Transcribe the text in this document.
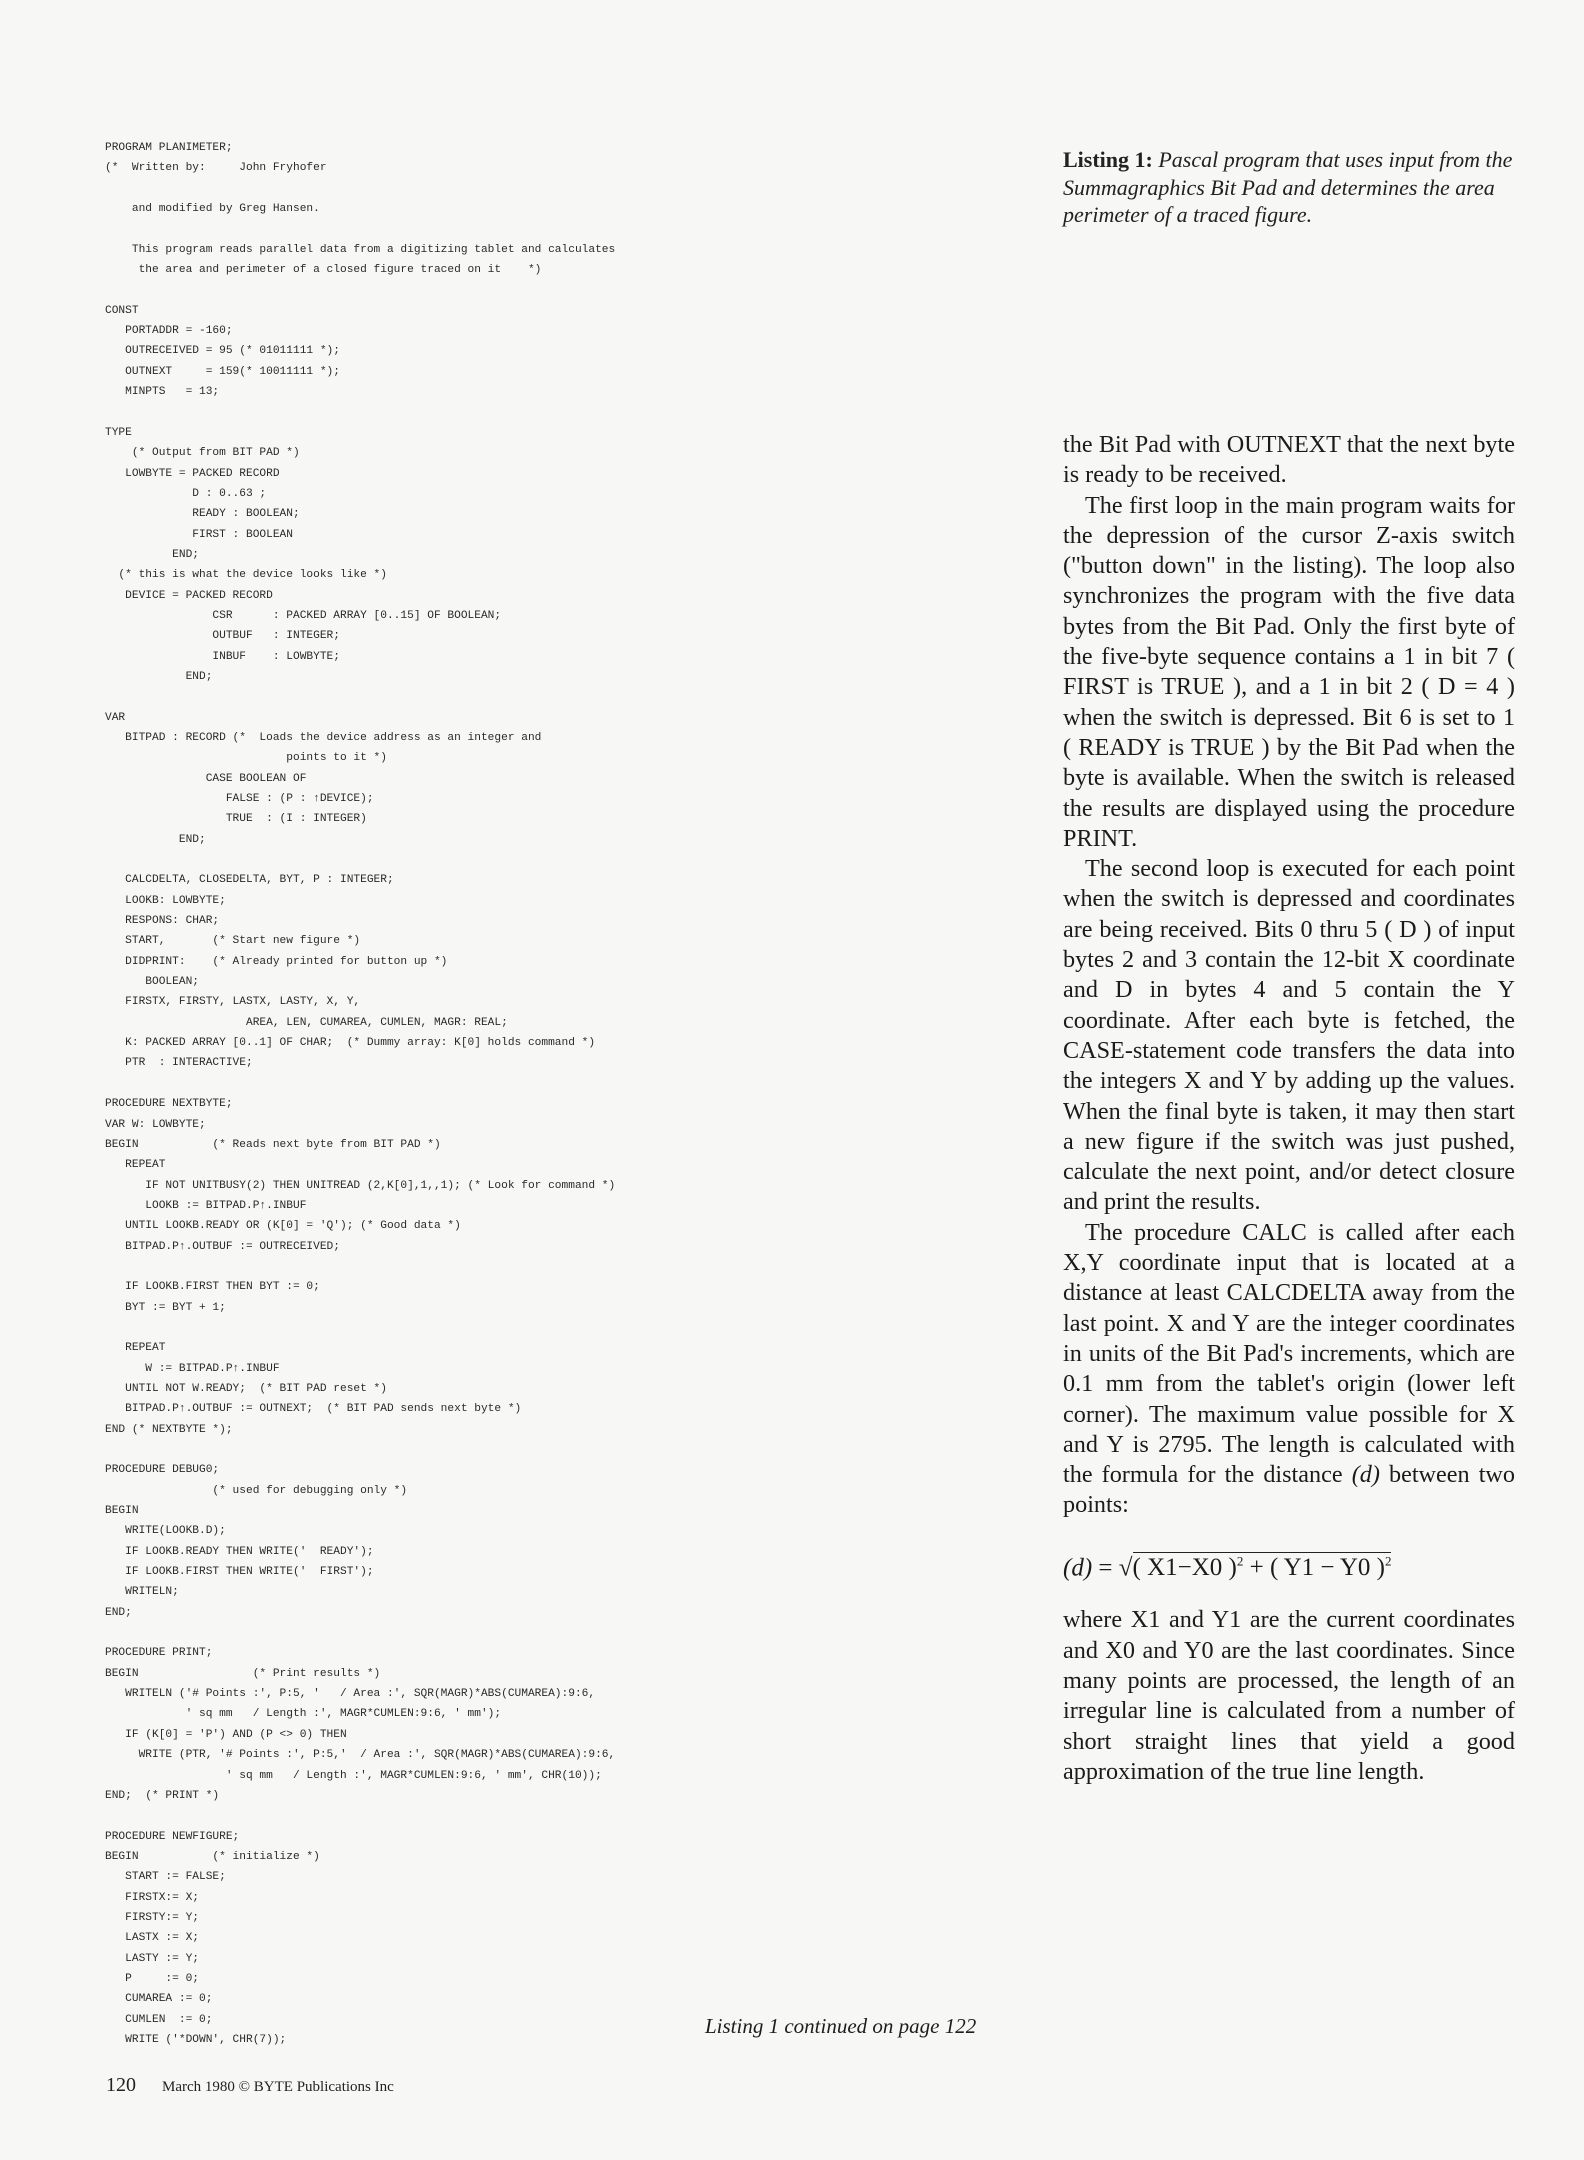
PROGRAM PLANIMETER;
(*  Written by:     John Fryhofer
and modified by Greg Hansen.
This program reads parallel data from a digitizing tablet and calculates
the area and perimeter of a closed figure traced on it    *)
CONST
PORTADDR = -160;
OUTRECEIVED = 95 (* 01011111 *);
OUTNEXT     = 159(* 10011111 *);
MINPTS   = 13;
TYPE
(* Output from BIT PAD *)
LOWBYTE = PACKED RECORD
D : 0..63 ;
READY : BOOLEAN;
FIRST : BOOLEAN
END;
(* this is what the device looks like *)
DEVICE = PACKED RECORD
CSR      : PACKED ARRAY [0..15] OF BOOLEAN;
OUTBUF   : INTEGER;
INBUF    : LOWBYTE;
END;
VAR
BITPAD : RECORD (*  Loads the device address as an integer and
points to it *)
CASE BOOLEAN OF
FALSE : (P : ↑DEVICE);
TRUE  : (I : INTEGER)
END;
CALCDELTA, CLOSEDELTA, BYT, P : INTEGER;
LOOKB: LOWBYTE;
RESPONS: CHAR;
START,       (* Start new figure *)
DIDPRINT:    (* Already printed for button up *)
BOOLEAN;
FIRSTX, FIRSTY, LASTX, LASTY, X, Y,
AREA, LEN, CUMAREA, CUMLEN, MAGR: REAL;
K: PACKED ARRAY [0..1] OF CHAR;  (* Dummy array: K[0] holds command *)
PTR  : INTERACTIVE;
PROCEDURE NEXTBYTE;
VAR W: LOWBYTE;
BEGIN           (* Reads next byte from BIT PAD *)
REPEAT
IF NOT UNITBUSY(2) THEN UNITREAD (2,K[0],1,,1); (* Look for command *)
LOOKB := BITPAD.P↑.INBUF
UNTIL LOOKB.READY OR (K[0] = 'Q'); (* Good data *)
BITPAD.P↑.OUTBUF := OUTRECEIVED;
IF LOOKB.FIRST THEN BYT := 0;
BYT := BYT + 1;
REPEAT
W := BITPAD.P↑.INBUF
UNTIL NOT W.READY;  (* BIT PAD reset *)
BITPAD.P↑.OUTBUF := OUTNEXT;  (* BIT PAD sends next byte *)
END (* NEXTBYTE *);
PROCEDURE DEBUG0;
(* used for debugging only *)
BEGIN
WRITE(LOOKB.D);
IF LOOKB.READY THEN WRITE('  READY');
IF LOOKB.FIRST THEN WRITE('  FIRST');
WRITELN;
END;
PROCEDURE PRINT;
BEGIN                 (* Print results *)
WRITELN ('# Points :', P:5, '   / Area :', SQR(MAGR)*ABS(CUMAREA):9:6,
' sq mm   / Length :', MAGR*CUMLEN:9:6, ' mm');
IF (K[0] = 'P') AND (P <> 0) THEN
WRITE (PTR, '# Points :', P:5,'  / Area :', SQR(MAGR)*ABS(CUMAREA):9:6,
' sq mm   / Length :', MAGR*CUMLEN:9:6, ' mm', CHR(10));
END;  (* PRINT *)
PROCEDURE NEWFIGURE;
BEGIN           (* initialize *)
START := FALSE;
FIRSTX:= X;
FIRSTY:= Y;
LASTX := X;
LASTY := Y;
P     := 0;
CUMAREA := 0;
CUMLEN  := 0;
WRITE ('*DOWN', CHR(7));
Listing 1: Pascal program that uses input from the Summagraphics Bit Pad and determines the area perimeter of a traced figure.

the Bit Pad with OUTNEXT that the next byte is ready to be received.

The first loop in the main program waits for the depression of the cursor Z-axis switch ("button down" in the listing). The loop also synchronizes the program with the five data bytes from the Bit Pad. Only the first byte of the five-byte sequence contains a 1 in bit 7 ( FIRST is TRUE ), and a 1 in bit 2 ( D = 4 ) when the switch is depressed. Bit 6 is set to 1 ( READY is TRUE ) by the Bit Pad when the byte is available. When the switch is released the results are displayed using the procedure PRINT.

The second loop is executed for each point when the switch is depressed and coordinates are being received. Bits 0 thru 5 ( D ) of input bytes 2 and 3 contain the 12-bit X coordinate and D in bytes 4 and 5 contain the Y coordinate. After each byte is fetched, the CASE-statement code transfers the data into the integers X and Y by adding up the values. When the final byte is taken, it may then start a new figure if the switch was just pushed, calculate the next point, and/or detect closure and print the results.

The procedure CALC is called after each X,Y coordinate input that is located at a distance at least CALCDELTA away from the last point. X and Y are the integer coordinates in units of the Bit Pad's increments, which are 0.1 mm from the tablet's origin (lower left corner). The maximum value possible for X and Y is 2795. The length is calculated with the formula for the distance (d) between two points:

(d) = √( X1−X0 )$^2$ + ( Y1 − Y0 )$^2$

where X1 and Y1 are the current coordinates and X0 and Y0 are the last coordinates. Since many points are processed, the length of an irregular line is calculated from a number of short straight lines that yield a good approximation of the true line length.

Listing 1 continued on page 122
120 March 1980 © BYTE Publications Inc
